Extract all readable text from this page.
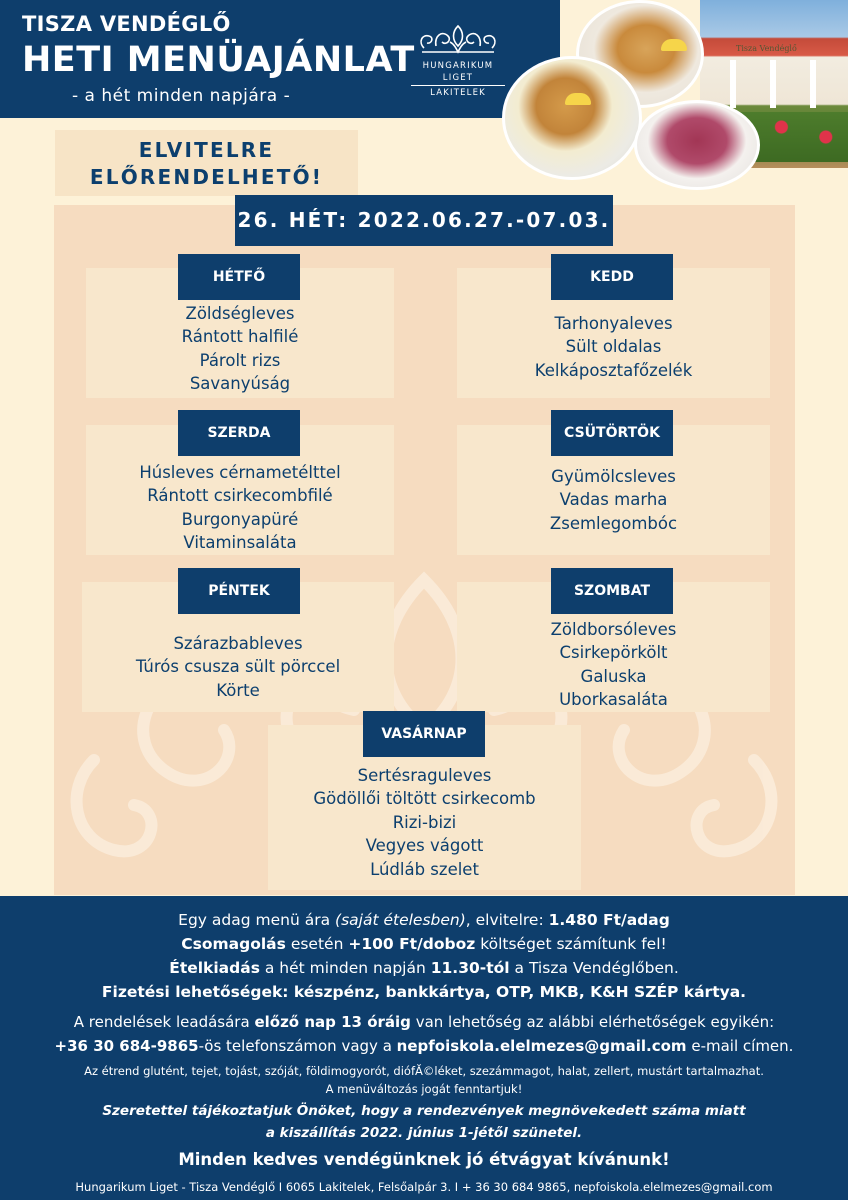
TISZA VENDÉGLŐ
HETI MENÜAJÁNLAT
- a hét minden napjára -
HUNGARIKUM LIGET
LAKITELEK
Tisza Vendéglő
ELVITELRE
ELŐRENDELHETŐ!
26. HÉT: 2022.06.27.-07.03.
HÉTFŐ
Zöldségleves
Rántott halfilé
Párolt rizs
Savanyúság
KEDD
Tarhonyaleves
Sült oldalas
Kelkáposztafőzelék
SZERDA
Húsleves cérnametélttel
Rántott csirkecombfilé
Burgonyapüré
Vitaminsaláta
CSÜTÖRTÖK
Gyümölcsleves
Vadas marha
Zsemlegombóc
PÉNTEK
Szárazbableves
Túrós csusza sült pörccel
Körte
SZOMBAT
Zöldborsóleves
Csirkepörkölt
Galuska
Uborkasaláta
VASÁRNAP
Sertésraguleves
Gödöllői töltött csirkecomb
Rizi-bizi
Vegyes vágott
Lúdláb szelet
Egy adag menü ára (saját ételesben), elvitelre: 1.480 Ft/adag
Csomagolás esetén +100 Ft/doboz költséget számítunk fel!
Ételkiadás a hét minden napján 11.30-tól a Tisza Vendéglőben.
Fizetési lehetőségek: készpénz, bankkártya, OTP, MKB, K&H SZÉP kártya.
A rendelések leadására előző nap 13 óráig van lehetőség az alábbi elérhetőségek egyikén:
+36 30 684-9865-ös telefonszámon vagy a nepfoiskola.elelmezes@gmail.com e-mail címen.
Az étrend glutént, tejet, tojást, szóját, földimogyorót, diófĂ©léket, szezámmagot, halat, zellert, mustárt tartalmazhat.
A menüváltozás jogát fenntartjuk!
Szeretettel tájékoztatjuk Önöket, hogy a rendezvények megnövekedett száma miatt
a kiszállítás 2022. június 1-jétől szünetel.
Minden kedves vendégünknek jó étvágyat kívánunk!
Hungarikum Liget - Tisza Vendéglő I 6065 Lakitelek, Felsőalpár 3. I + 36 30 684 9865, nepfoiskola.elelmezes@gmail.com
